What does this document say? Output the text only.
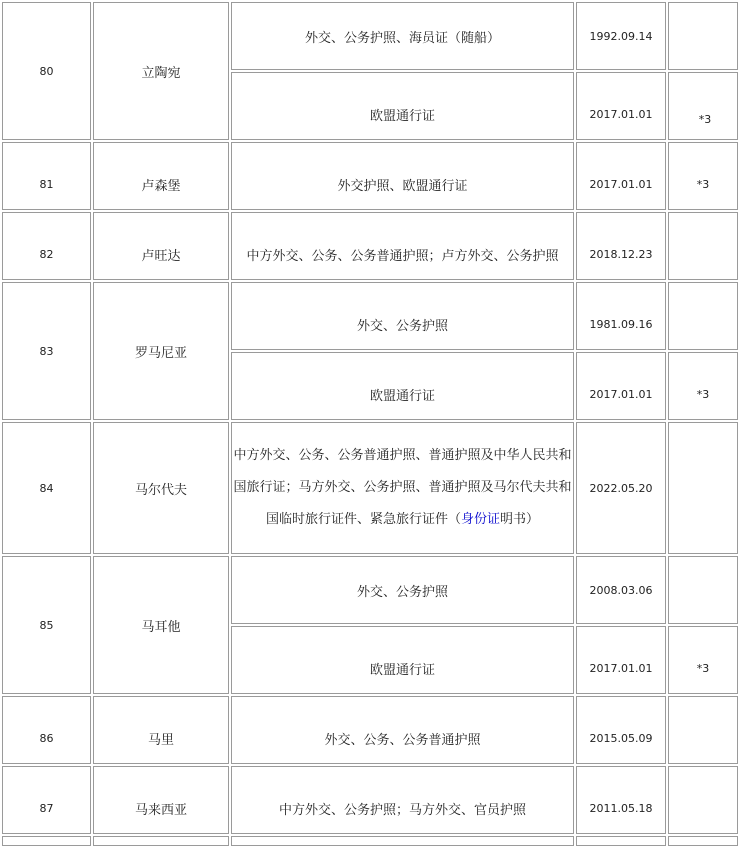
80	立陶宛	外交、公务护照、海员证（随船）	1992.09.14	
		欧盟通行证	2017.01.01	*3
81	卢森堡	外交护照、欧盟通行证	2017.01.01	*3
82	卢旺达	中方外交、公务、公务普通护照；卢方外交、公务护照	2018.12.23	
83	罗马尼亚	外交、公务护照	1981.09.16	
		欧盟通行证	2017.01.01	*3
84	马尔代夫	中方外交、公务、公务普通护照、普通护照及中华人民共和国旅行证；马方外交、公务护照、普通护照及马尔代夫共和国临时旅行证件、紧急旅行证件（身份证明书）	2022.05.20	
85	马耳他	外交、公务护照	2008.03.06	
		欧盟通行证	2017.01.01	*3
86	马里	外交、公务、公务普通护照	2015.05.09	
87	马来西亚	中方外交、公务护照；马方外交、官员护照	2011.05.18	
